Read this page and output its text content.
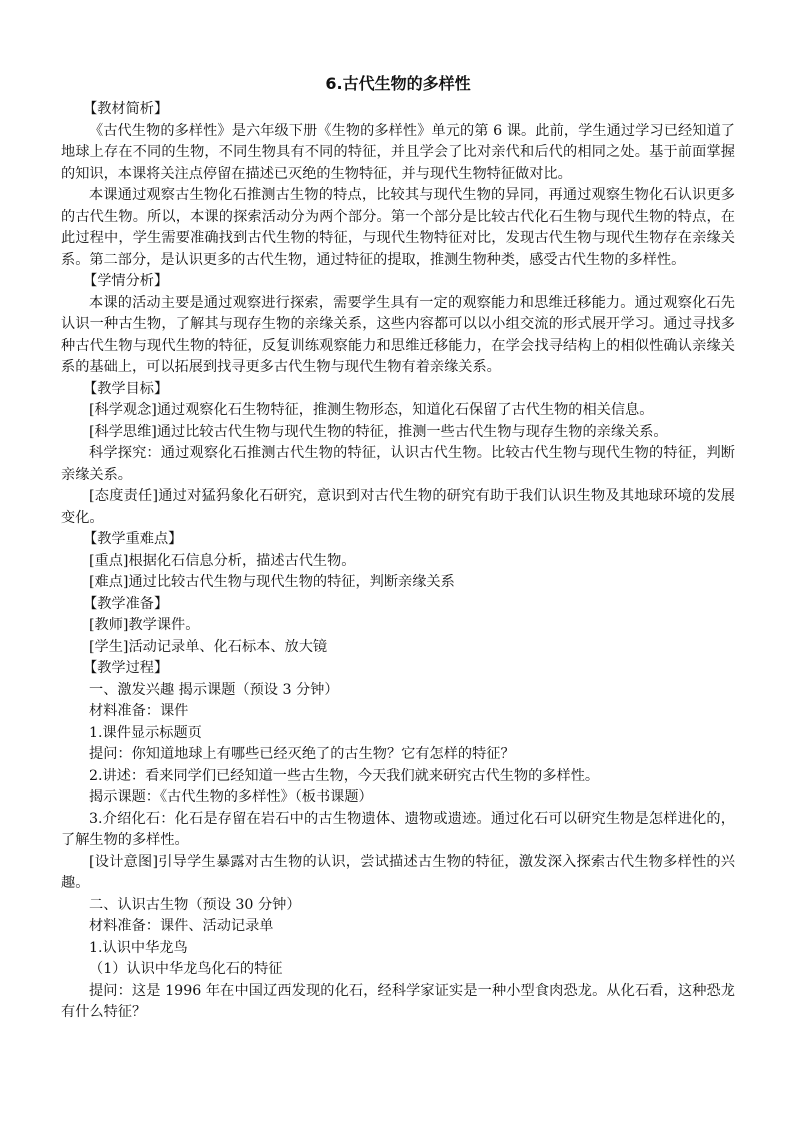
6.古代生物的多样性
【教材简析】
《古代生物的多样性》是六年级下册《生物的多样性》单元的第 6 课。此前，学生通过学习已经知道了地球上存在不同的生物，不同生物具有不同的特征，并且学会了比对亲代和后代的相同之处。基于前面掌握的知识，本课将关注点停留在描述已灭绝的生物特征，并与现代生物特征做对比。
本课通过观察古生物化石推测古生物的特点，比较其与现代生物的异同，再通过观察生物化石认识更多的古代生物。所以，本课的探索活动分为两个部分。第一个部分是比较古代化石生物与现代生物的特点，在此过程中，学生需要准确找到古代生物的特征，与现代生物特征对比，发现古代生物与现代生物存在亲缘关系。第二部分，是认识更多的古代生物，通过特征的提取，推测生物种类，感受古代生物的多样性。
【学情分析】
本课的活动主要是通过观察进行探索，需要学生具有一定的观察能力和思维迁移能力。通过观察化石先认识一种古生物，了解其与现存生物的亲缘关系，这些内容都可以以小组交流的形式展开学习。通过寻找多种古代生物与现代生物的特征，反复训练观察能力和思维迁移能力，在学会找寻结构上的相似性确认亲缘关系的基础上，可以拓展到找寻更多古代生物与现代生物有着亲缘关系。
【教学目标】
[科学观念]通过观察化石生物特征，推测生物形态，知道化石保留了古代生物的相关信息。
[科学思维]通过比较古代生物与现代生物的特征，推测一些古代生物与现存生物的亲缘关系。
科学探究：通过观察化石推测古代生物的特征，认识古代生物。比较古代生物与现代生物的特征，判断亲缘关系。
[态度责任]通过对猛犸象化石研究，意识到对古代生物的研究有助于我们认识生物及其地球环境的发展变化。
【教学重难点】
[重点]根据化石信息分析，描述古代生物。
[难点]通过比较古代生物与现代生物的特征，判断亲缘关系
【教学准备】
[教师]教学课件。
[学生]活动记录单、化石标本、放大镜
【教学过程】
一、激发兴趣 揭示课题（预设 3 分钟）
材料准备：课件
1.课件显示标题页
提问：你知道地球上有哪些已经灭绝了的古生物？它有怎样的特征？
2.讲述：看来同学们已经知道一些古生物，今天我们就来研究古代生物的多样性。
揭示课题：《古代生物的多样性》（板书课题）
3.介绍化石：化石是存留在岩石中的古生物遗体、遗物或遗迹。通过化石可以研究生物是怎样进化的，了解生物的多样性。
[设计意图]引导学生暴露对古生物的认识，尝试描述古生物的特征，激发深入探索古代生物多样性的兴趣。
二、认识古生物（预设 30 分钟）
材料准备：课件、活动记录单
1.认识中华龙鸟
（1）认识中华龙鸟化石的特征
提问：这是 1996 年在中国辽西发现的化石，经科学家证实是一种小型食肉恐龙。从化石看，这种恐龙有什么特征？
